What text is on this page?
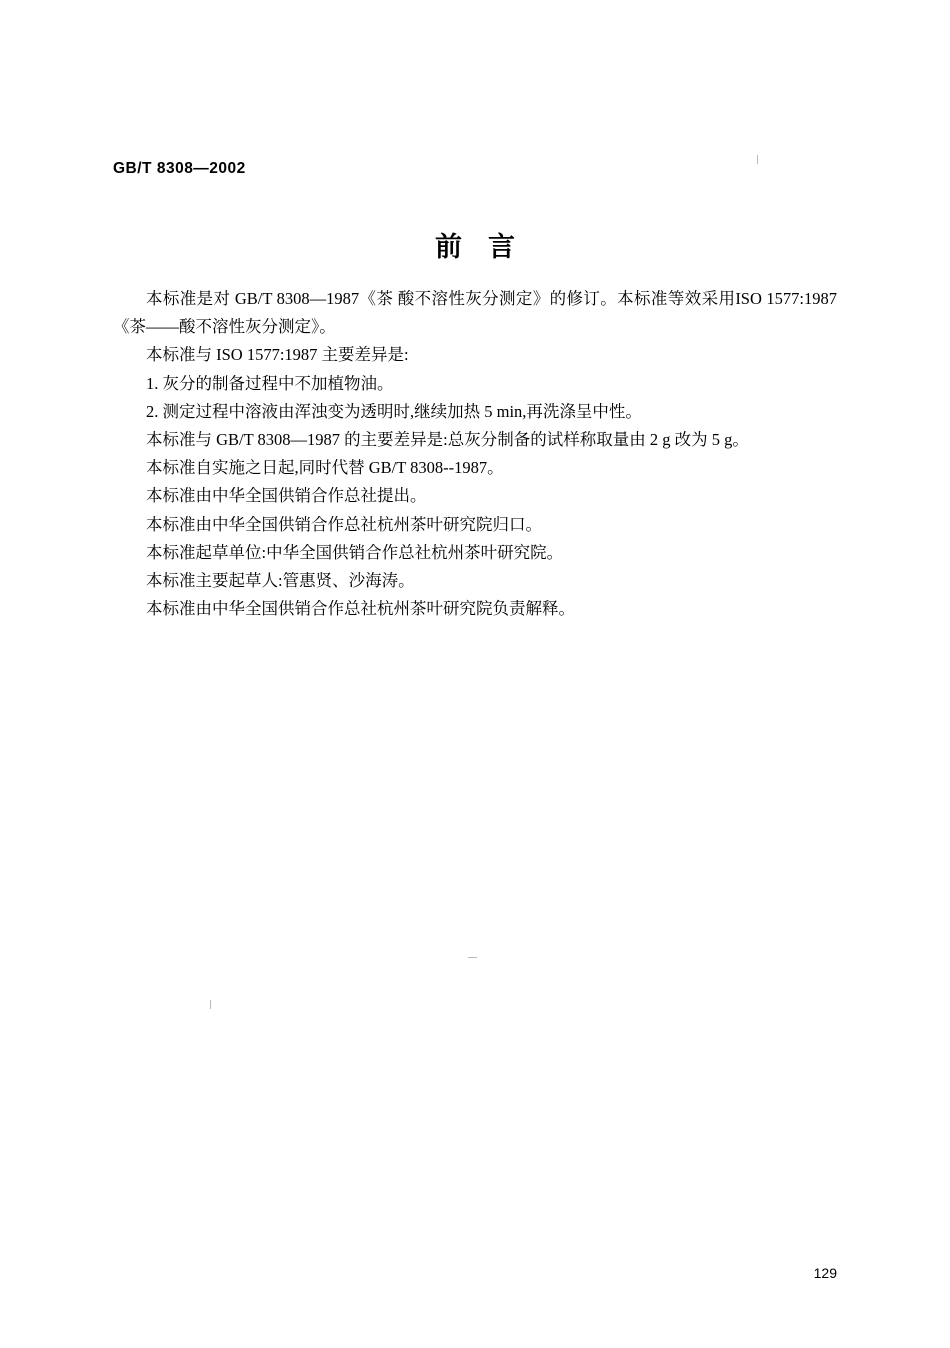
GB/T 8308—2002
前言

本标准是对 GB/T 8308—1987《茶 酸不溶性灰分测定》的修订。本标准等效采用ISO 1577:1987《茶——酸不溶性灰分测定》。

本标准与 ISO 1577:1987 主要差异是:

1. 灰分的制备过程中不加植物油。

2. 测定过程中溶液由浑浊变为透明时,继续加热 5 min,再洗涤呈中性。

本标准与 GB/T 8308—1987 的主要差异是:总灰分制备的试样称取量由 2 g 改为 5 g。

本标准自实施之日起,同时代替 GB/T 8308--1987。

本标准由中华全国供销合作总社提出。

本标准由中华全国供销合作总社杭州茶叶研究院归口。

本标准起草单位:中华全国供销合作总社杭州茶叶研究院。

本标准主要起草人:管惠贤、沙海涛。

本标准由中华全国供销合作总社杭州茶叶研究院负责解释。

129
